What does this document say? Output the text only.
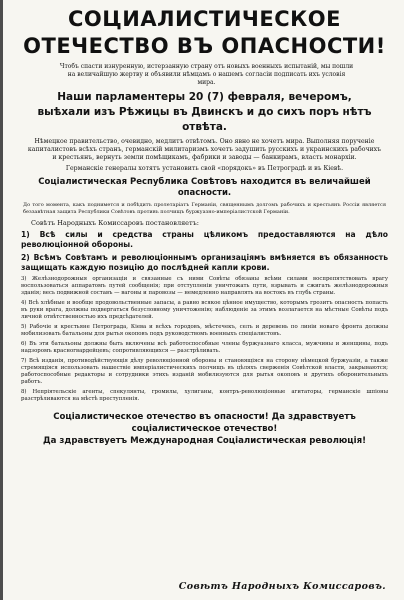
СОЦИАЛИСТИЧЕСКОЕ
ОТЕЧЕСТВО ВЪ ОПАСНОСТИ!

Чтобъ спасти изнуренную, истерзанную страну отъ новыхъ военныхъ испытаній, мы пошли на величайшую жертву и объявили нѣмцамъ о нашемъ согласіи подписать ихъ условія мира.

Наши парламентеры 20 (7) февраля, вечеромъ, выѣхали изъ Рѣжицы въ Двинскъ и до сихъ поръ нѣтъ отвѣта.

Нѣмецкое правительство, очевидно, медлитъ отвѣтомъ. Оно явно не хочетъ мира. Выполняя порученіе капиталистовъ всѣхъ странъ, германскій милитаризмъ хочетъ задушить русскихъ и украинскихъ рабочихъ и крестьянъ, вернуть земли помѣщикамъ, фабрики и заводы — банкирамъ, власть монархіи.

Германскіе генералы хотятъ установить свой «порядокъ» въ Петроградѣ и въ Кіевѣ.

Соціалистическая Республика Совѣтовъ находится въ величайшей опасности.

До того момента, какъ поднимется и побѣдитъ пролетаріатъ Германіи, священнымъ долгомъ рабочихъ и крестьянъ Россіи является беззавѣтная защита Республики Совѣтовъ противъ полчищъ буржуазно-имперіалистской Германіи.

Совѣтъ Народныхъ Комиссаровъ постановляетъ:

1) Всѣ силы и средства страны цѣликомъ предоставляются на дѣло революціонной обороны.

2) Всѣмъ Совѣтамъ и революціоннымъ организаціямъ вмѣняется въ обязанность защищать каждую позицію до послѣдней капли крови.

3) Желѣзнодорожныя организаціи и связанные съ ними Совѣты обязаны всѣми силами воспрепятствовать врагу воспользоваться аппаратомъ путей сообщенія; при отступленіи уничтожать пути, взрывать и сжигать желѣзнодорожныя зданія; весь подвижной составъ — вагоны и паровозы — немедленно направлять на востокъ въ глубь страны.

4) Всѣ хлѣбные и вообще продовольственные запасы, а равно всякое цѣнное имущество, которымъ грозитъ опасность попасть въ руки врага, должны подвергаться безусловному уничтоженію; наблюденіе за этимъ возлагается на мѣстные Совѣты подъ личной отвѣтственностью ихъ предсѣдателей.

5) Рабочіе и крестьяне Петрограда, Кіева и всѣхъ городовъ, мѣстечекъ, селъ и деревень по линіи новаго фронта должны мобилизовать батальоны для рытья окоповъ подъ руководствомъ военныхъ спеціалистовъ.

6) Въ эти батальоны должны быть включены всѣ работоспособные члены буржуазнаго класса, мужчины и женщины, подъ надзоромъ красногвардейцевъ; сопротивляющихся — разстрѣливать.

7) Всѣ изданія, противодѣйствующія дѣлу революціонной обороны и становящіяся на сторону нѣмецкой буржуазіи, а также стремящіяся использовать нашествіе имперіалистическихъ полчищъ въ цѣляхъ сверженія Совѣтской власти, закрываются; работоспособные редакторы и сотрудники этихъ изданій мобилизуются для рытья окоповъ и другихъ оборонительныхъ работъ.

8) Непріятельскіе агенты, спекулянты, громилы, хулиганы, контръ-революціонные агитаторы, германскіе шпіоны разстрѣливаются на мѣстѣ преступленія.

Соціалистическое отечество въ опасности! Да здравствуетъ соціалистическое отечество!
Да здравствуетъ Международная Соціалистическая революція!
Совѣтъ Народныхъ Комиссаровъ.
